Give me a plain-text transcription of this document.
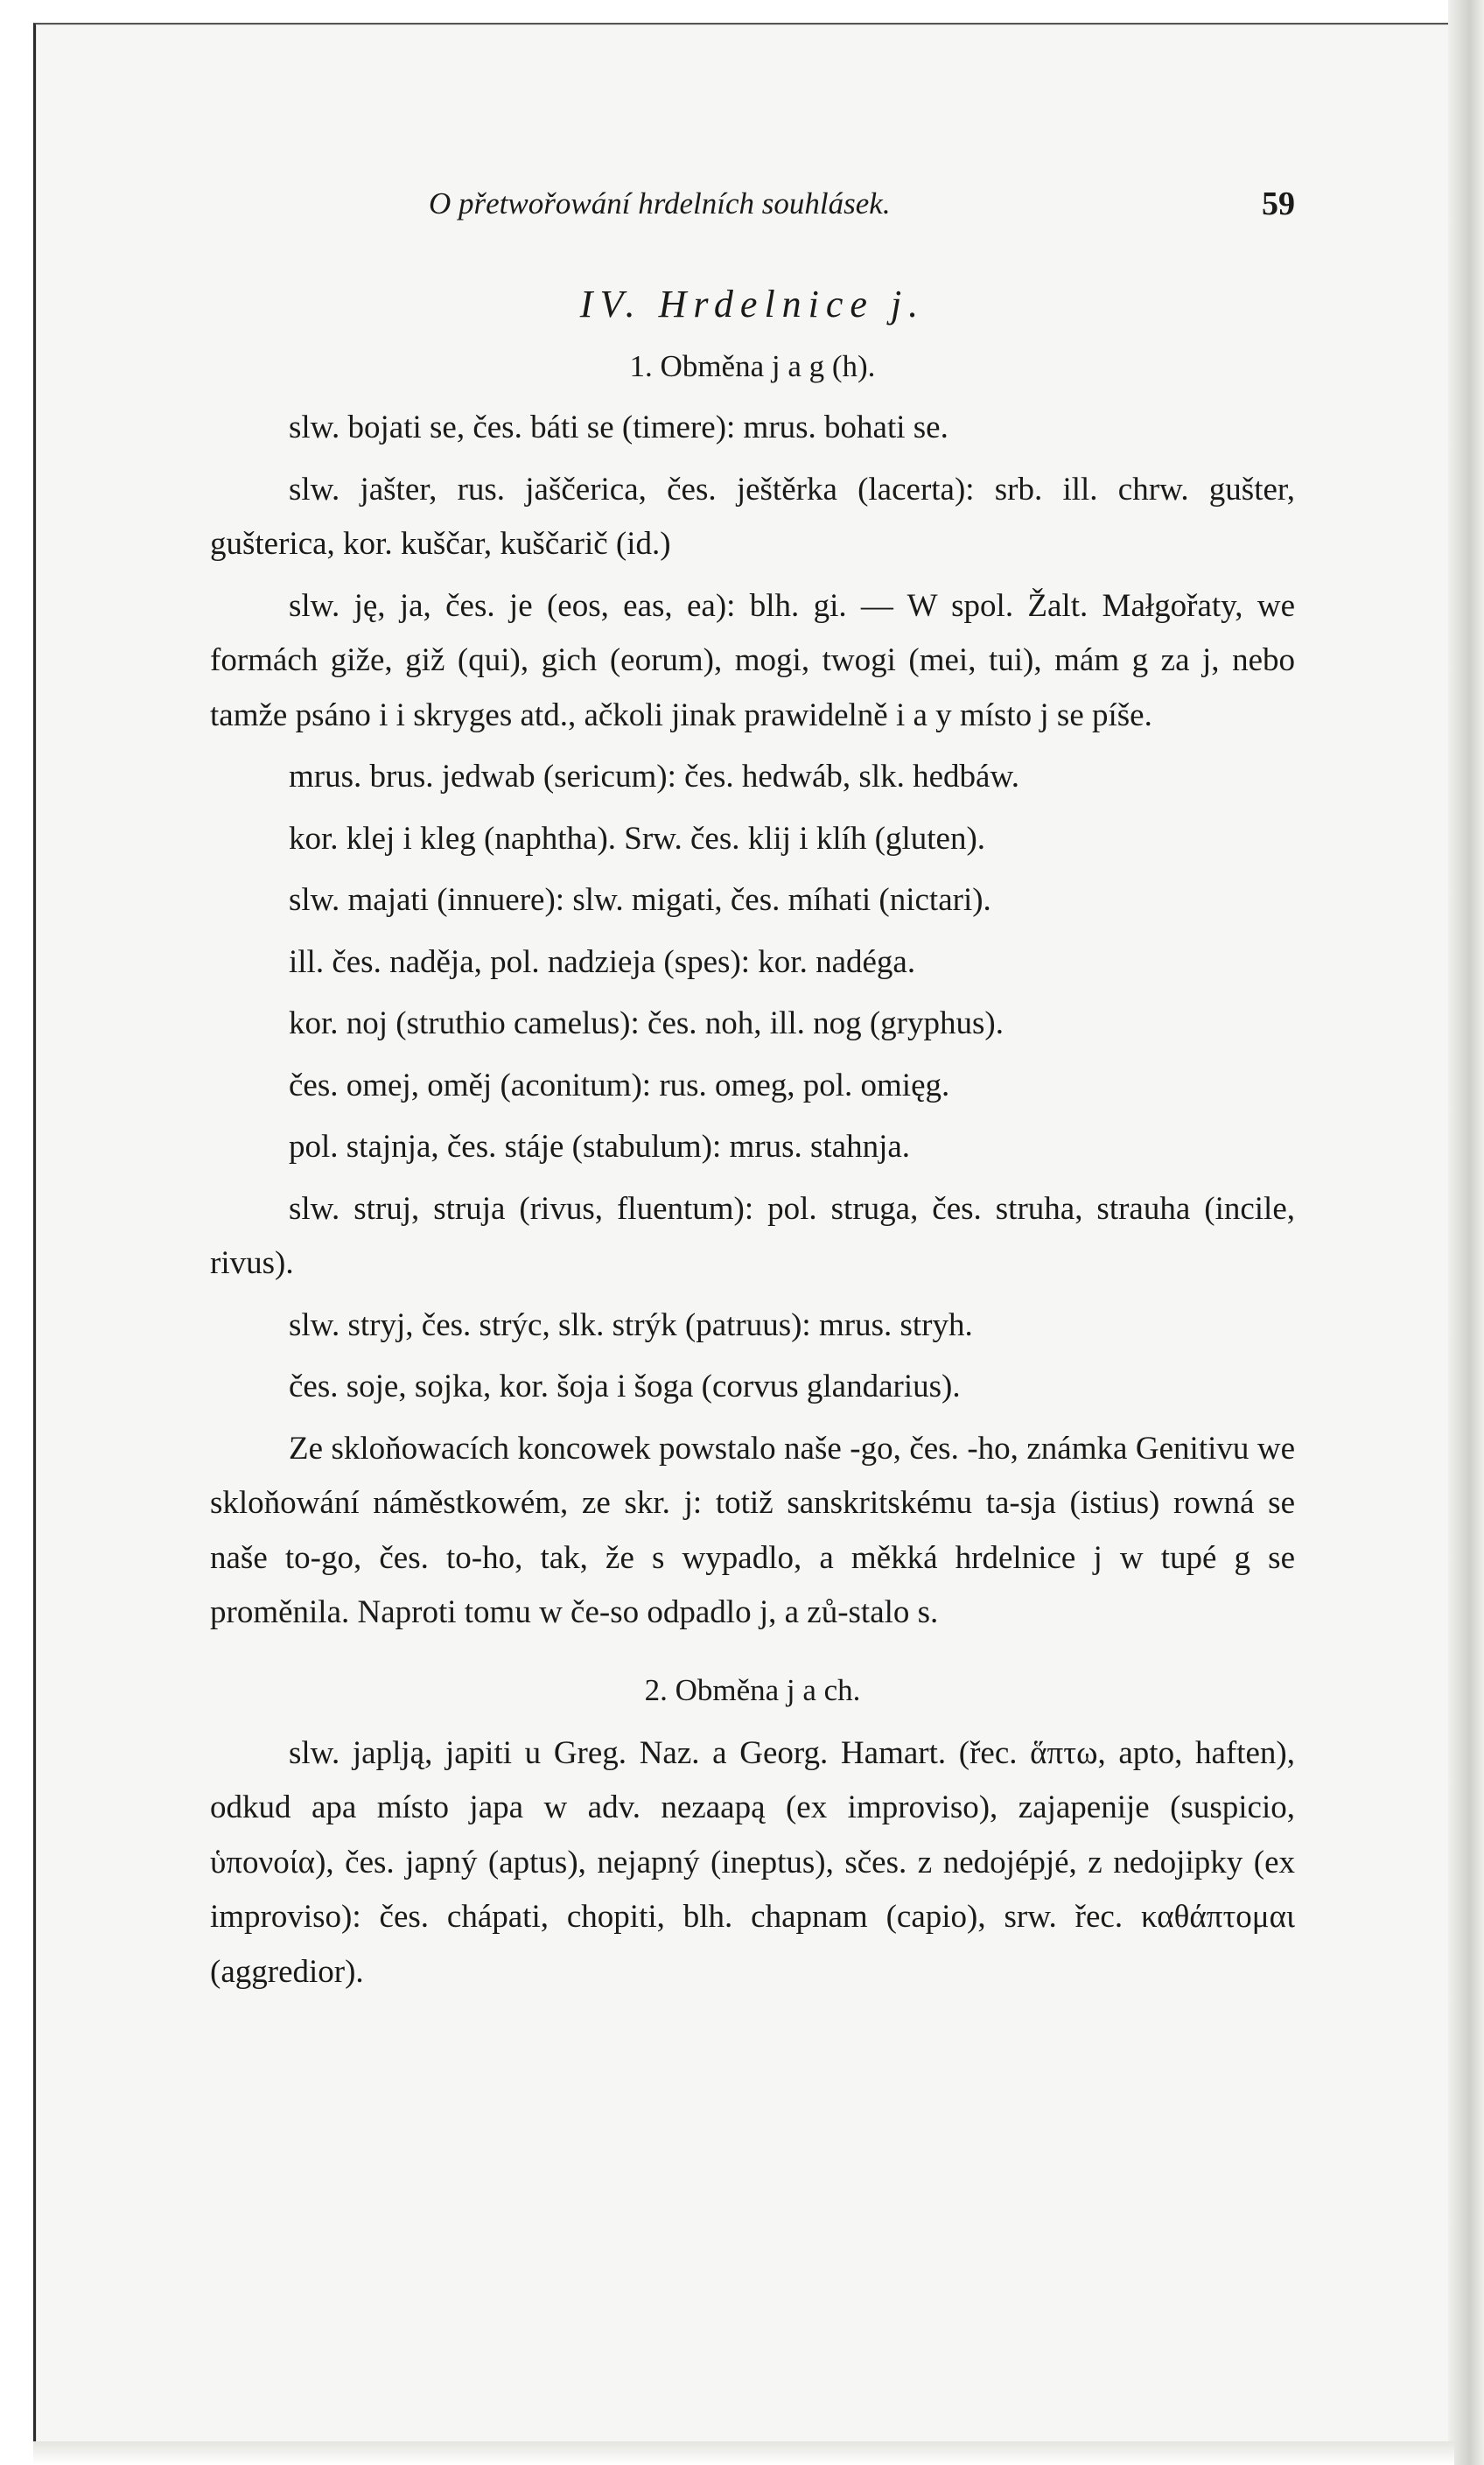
O přetwořowání hrdelních souhlásek.	59
IV. Hrdelnice j.
1. Obměna j a g (h).

slw. bojati se, čes. báti se (timere): mrus. bohati se.

slw. jašter, rus. jaščerica, čes. ještěrka (lacerta): srb. ill. chrw. gušter, gušterica, kor. kuščar, kuščarič (id.)

slw. ję, ja, čes. je (eos, eas, ea): blh. gi. — W spol. Žalt. Małgořaty, we formách giže, giž (qui), gich (eorum), mogi, twogi (mei, tui), mám g za j, nebo tamže psáno i i skryges atd., ačkoli jinak prawidelně i a y místo j se píše.

mrus. brus. jedwab (sericum): čes. hedwáb, slk. hedbáw.

kor. klej i kleg (naphtha). Srw. čes. klij i klíh (gluten).

slw. majati (innuere): slw. migati, čes. míhati (nictari).

ill. čes. naděja, pol. nadzieja (spes): kor. nadéga.

kor. noj (struthio camelus): čes. noh, ill. nog (gryphus).

čes. omej, oměj (aconitum): rus. omeg, pol. omięg.

pol. stajnja, čes. stáje (stabulum): mrus. stahnja.

slw. struj, struja (rivus, fluentum): pol. struga, čes. struha, strauha (incile, rivus).

slw. stryj, čes. strýc, slk. strýk (patruus): mrus. stryh.

čes. soje, sojka, kor. šoja i šoga (corvus glandarius).

Ze skloňowacích koncowek powstalo naše -go, čes. -ho, známka Genitivu we skloňowání náměstkowém, ze skr. j: totiž sanskritskému ta-sja (istius) rowná se naše to-go, čes. to-ho, tak, že s wypadlo, a měkká hrdelnice j w tupé g se proměnila. Naproti tomu w če-so odpadlo j, a zů-stalo s.

2. Obměna j a ch.

slw. japlją, japiti u Greg. Naz. a Georg. Hamart. (řec. ἅπτω, apto, haften), odkud apa místo japa w adv. nezaapą (ex improviso), zajapenije (suspicio, ὑπονοία), čes. japný (aptus), nejapný (ineptus), sčes. z nedojépjé, z nedojipky (ex improviso): čes. chápati, chopiti, blh. chapnam (capio), srw. řec. καθάπτομαι (aggredior).
